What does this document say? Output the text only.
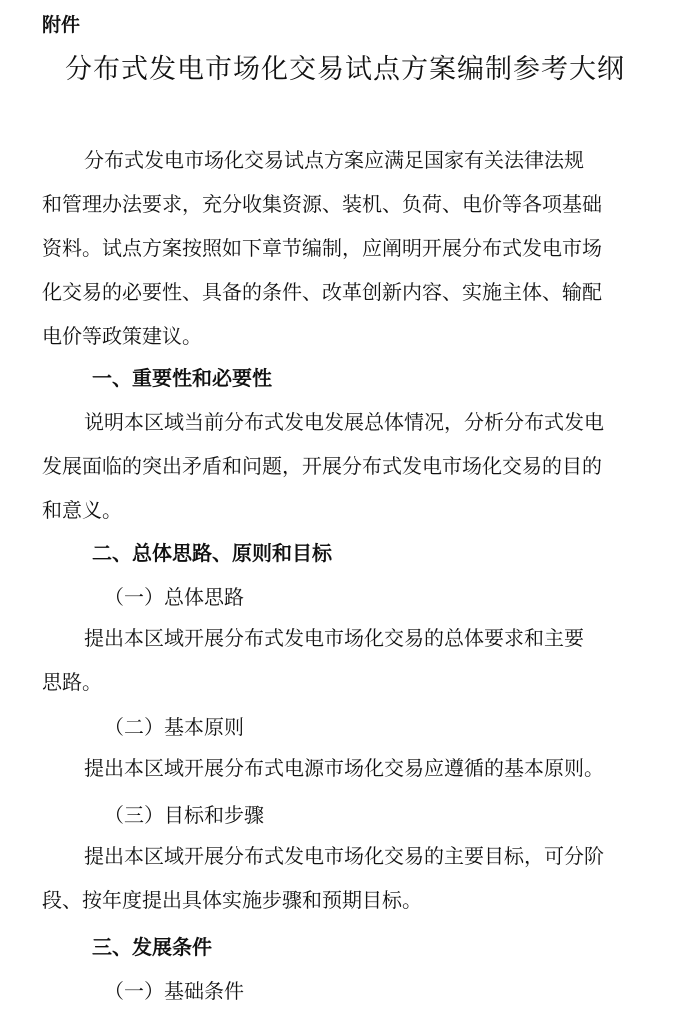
附件
分布式发电市场化交易试点方案编制参考大纲
分布式发电市场化交易试点方案应满足国家有关法律法规
和管理办法要求，充分收集资源、装机、负荷、电价等各项基础
资料。试点方案按照如下章节编制，应阐明开展分布式发电市场
化交易的必要性、具备的条件、改革创新内容、实施主体、输配
电价等政策建议。
一、重要性和必要性
说明本区域当前分布式发电发展总体情况，分析分布式发电
发展面临的突出矛盾和问题，开展分布式发电市场化交易的目的
和意义。
二、总体思路、原则和目标
（一）总体思路
提出本区域开展分布式发电市场化交易的总体要求和主要
思路。
（二）基本原则
提出本区域开展分布式电源市场化交易应遵循的基本原则。
（三）目标和步骤
提出本区域开展分布式发电市场化交易的主要目标，可分阶
段、按年度提出具体实施步骤和预期目标。
三、发展条件
（一）基础条件
